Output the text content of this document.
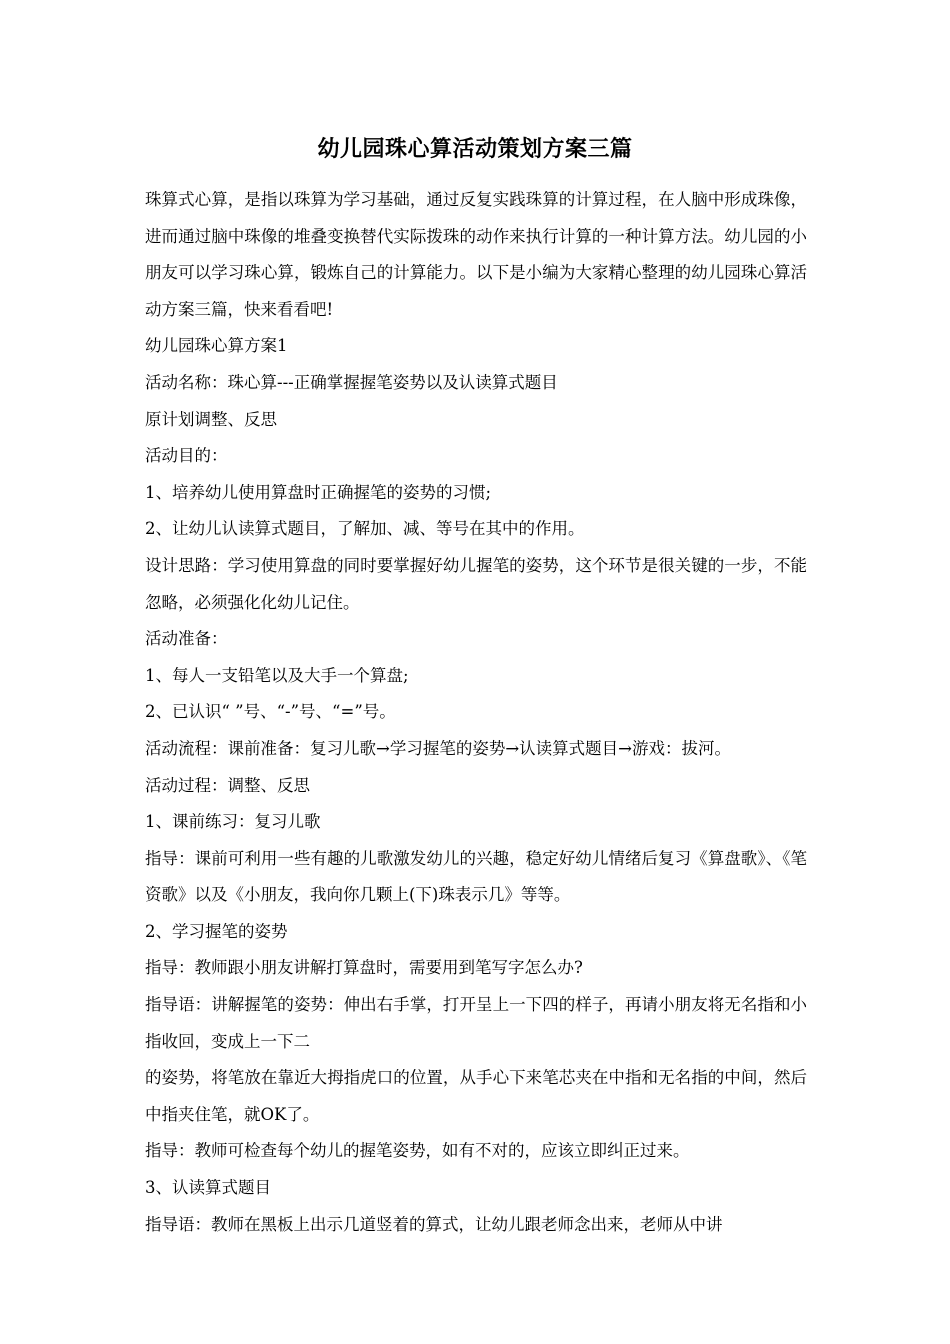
幼儿园珠心算活动策划方案三篇

珠算式心算，是指以珠算为学习基础，通过反复实践珠算的计算过程，在人脑中形成珠像，进而通过脑中珠像的堆叠变换替代实际拨珠的动作来执行计算的一种计算方法。幼儿园的小朋友可以学习珠心算，锻炼自己的计算能力。以下是小编为大家精心整理的幼儿园珠心算活动方案三篇，快来看看吧!

幼儿园珠心算方案1

活动名称：珠心算---正确掌握握笔姿势以及认读算式题目

原计划调整、反思

活动目的：

1、培养幼儿使用算盘时正确握笔的姿势的习惯;

2、让幼儿认读算式题目，了解加、减、等号在其中的作用。

设计思路：学习使用算盘的同时要掌握好幼儿握笔的姿势，这个环节是很关键的一步，不能忽略，必须强化化幼儿记住。

活动准备：

1、每人一支铅笔以及大手一个算盘;

2、已认识“ ”号、“-”号、“=”号。

活动流程：课前准备：复习儿歌→学习握笔的姿势→认读算式题目→游戏：拔河。

活动过程：调整、反思

1、课前练习：复习儿歌

指导：课前可利用一些有趣的儿歌激发幼儿的兴趣，稳定好幼儿情绪后复习《算盘歌》、《笔资歌》以及《小朋友，我向你几颗上(下)珠表示几》等等。

2、学习握笔的姿势

指导：教师跟小朋友讲解打算盘时，需要用到笔写字怎么办?

指导语：讲解握笔的姿势：伸出右手掌，打开呈上一下四的样子，再请小朋友将无名指和小指收回，变成上一下二

的姿势，将笔放在靠近大拇指虎口的位置，从手心下来笔芯夹在中指和无名指的中间，然后中指夹住笔，就OK了。

指导：教师可检查每个幼儿的握笔姿势，如有不对的，应该立即纠正过来。

3、认读算式题目

指导语：教师在黑板上出示几道竖着的算式，让幼儿跟老师念出来，老师从中讲
